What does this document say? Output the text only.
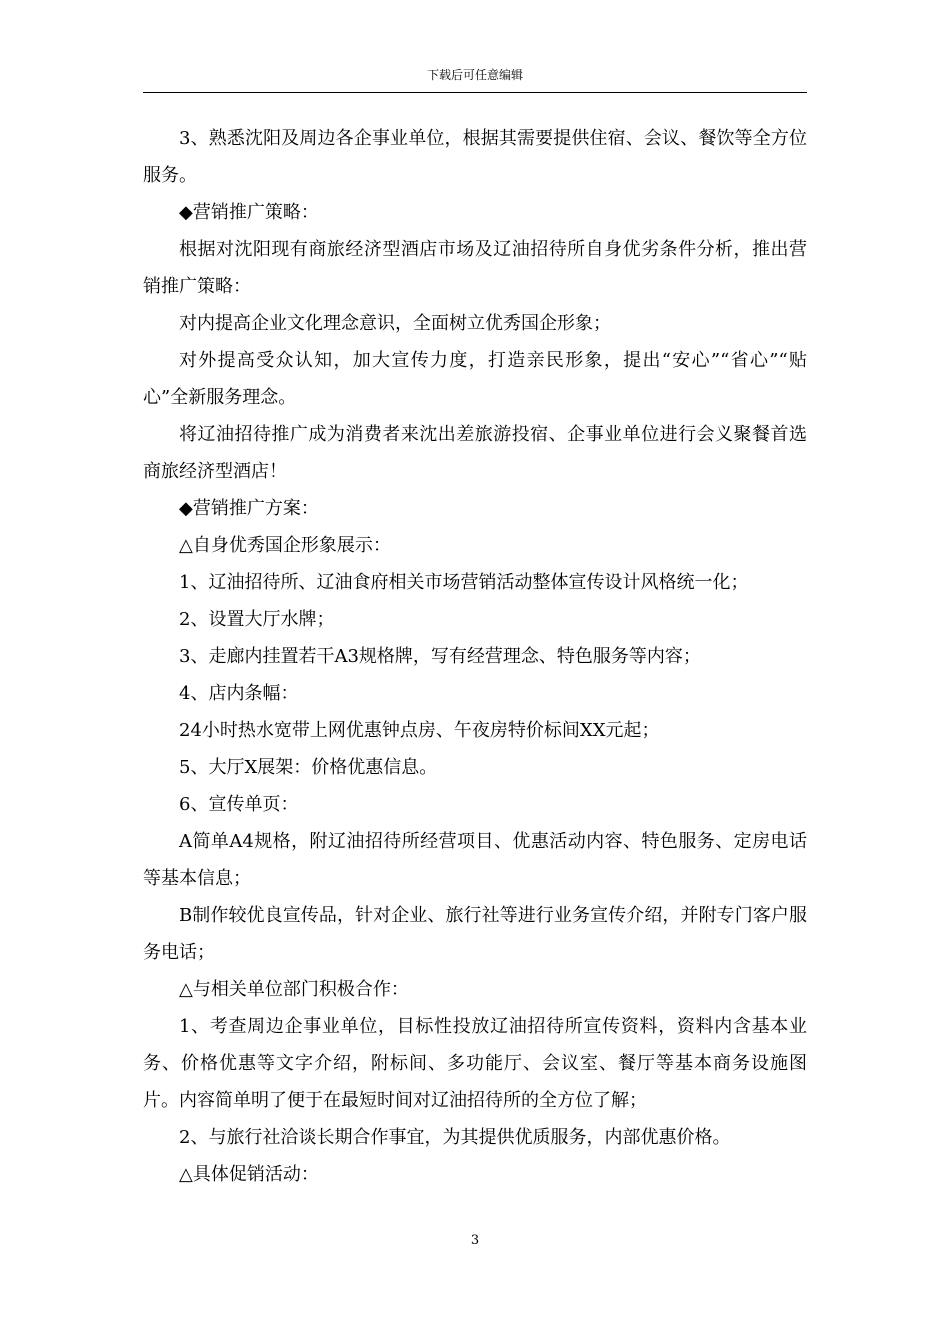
下载后可任意编辑

3、熟悉沈阳及周边各企事业单位，根据其需要提供住宿、会议、餐饮等全方位服务。

◆营销推广策略：

根据对沈阳现有商旅经济型酒店市场及辽油招待所自身优劣条件分析，推出营销推广策略：

对内提高企业文化理念意识，全面树立优秀国企形象；

对外提高受众认知，加大宣传力度，打造亲民形象，提出“安心”“省心”“贴心”全新服务理念。

将辽油招待推广成为消费者来沈出差旅游投宿、企事业单位进行会义聚餐首选商旅经济型酒店！

◆营销推广方案：

△自身优秀国企形象展示：

1、辽油招待所、辽油食府相关市场营销活动整体宣传设计风格统一化；

2、设置大厅水牌；

3、走廊内挂置若干A3规格牌，写有经营理念、特色服务等内容；

4、店内条幅：

24小时热水宽带上网优惠钟点房、午夜房特价标间XX元起；

5、大厅X展架：价格优惠信息。

6、宣传单页：

A简单A4规格，附辽油招待所经营项目、优惠活动内容、特色服务、定房电话等基本信息；

B制作较优良宣传品，针对企业、旅行社等进行业务宣传介绍，并附专门客户服务电话；

△与相关单位部门积极合作：

1、考查周边企事业单位，目标性投放辽油招待所宣传资料，资料内含基本业务、价格优惠等文字介绍，附标间、多功能厅、会议室、餐厅等基本商务设施图片。内容简单明了便于在最短时间对辽油招待所的全方位了解；

2、与旅行社洽谈长期合作事宜，为其提供优质服务，内部优惠价格。

△具体促销活动：

3
